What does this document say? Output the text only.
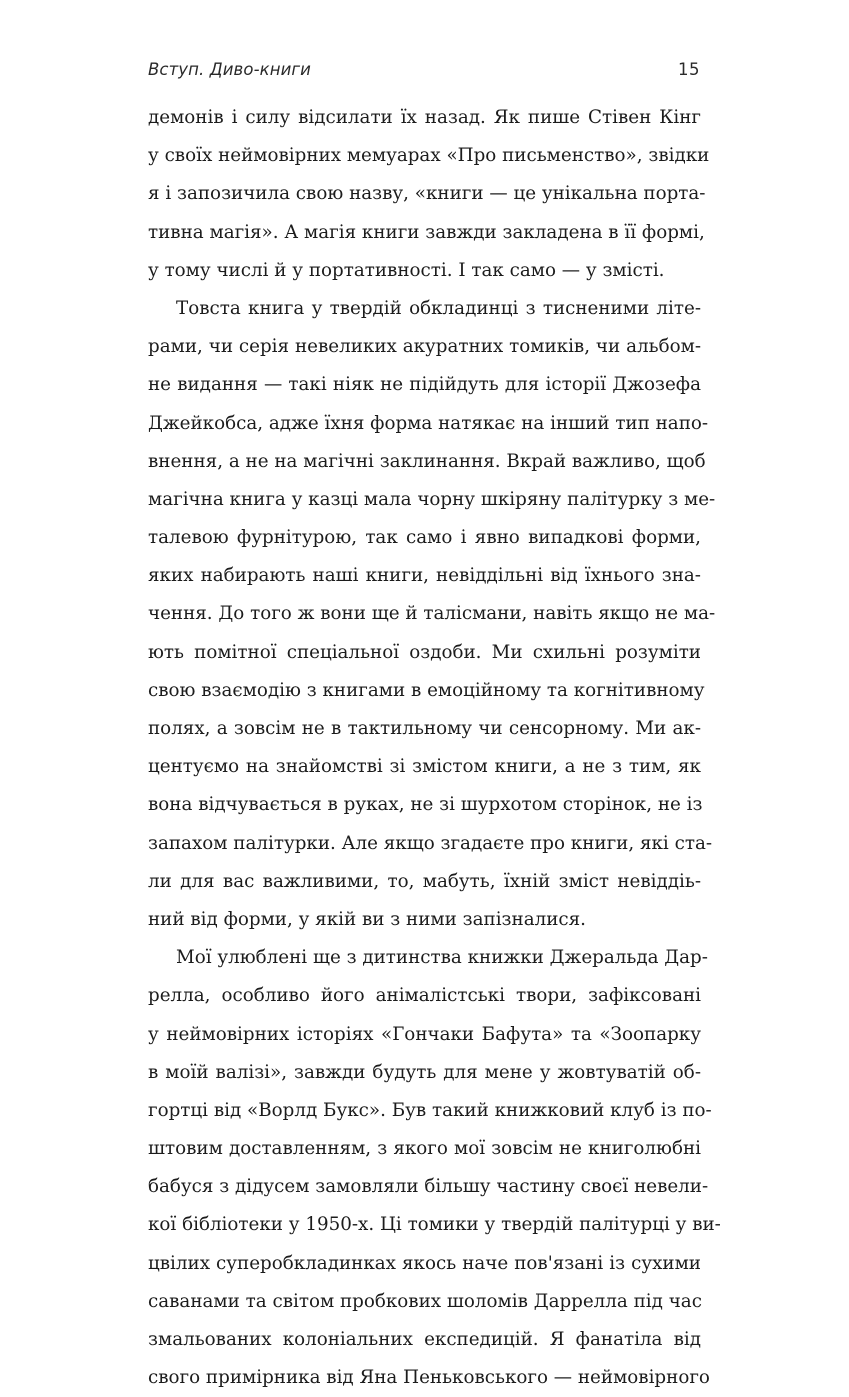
Вступ. Диво-книги	15
демонів і силу відсилати їх назад. Як пише Стівен Кінг
у своїх неймовірних мемуарах «Про письменство», звідки
я і запозичила свою назву, «книги — це унікальна порта-
тивна магія». А магія книги завжди закладена в її формі,
у тому числі й у портативності. І так само — у змісті.
Товста книга у твердій обкладинці з тисненими літе-
рами, чи серія невеликих акуратних томиків, чи альбом-
не видання — такі ніяк не підійдуть для історії Джозефа
Джейкобса, адже їхня форма натякає на інший тип напо-
внення, а не на магічні заклинання. Вкрай важливо, щоб
магічна книга у казці мала чорну шкіряну палітурку з ме-
талевою фурнітурою, так само і явно випадкові форми,
яких набирають наші книги, невіддільні від їхнього зна-
чення. До того ж вони ще й талісмани, навіть якщо не ма-
ють помітної спеціальної оздоби. Ми схильні розуміти
свою взаємодію з книгами в емоційному та когнітивному
полях, а зовсім не в тактильному чи сенсорному. Ми ак-
центуємо на знайомстві зі змістом книги, а не з тим, як
вона відчувається в руках, не зі шурхотом сторінок, не із
запахом палітурки. Але якщо згадаєте про книги, які ста-
ли для вас важливими, то, мабуть, їхній зміст невіддіь-
ний від форми, у якій ви з ними запізналися.
Мої улюблені ще з дитинства книжки Джеральда Дар-
релла, особливо його анімалістські твори, зафіксовані
у неймовірних історіях «Гончаки Бафута» та «Зоопарку
в моїй валізі», завжди будуть для мене у жовтуватій об-
гортці від «Ворлд Букс». Був такий книжковий клуб із по-
штовим доставленням, з якого мої зовсім не книголюбні
бабуся з дідусем замовляли більшу частину своєї невели-
кої бібліотеки у 1950-х. Ці томики у твердій палітурці у ви-
цвілих суперобкладинках якось наче пов'язані із сухими
саванами та світом пробкових шоломів Даррелла під час
змальованих колоніальних експедицій. Я фанатіла від
свого примірника від Яна Пеньковського — неймовірного
